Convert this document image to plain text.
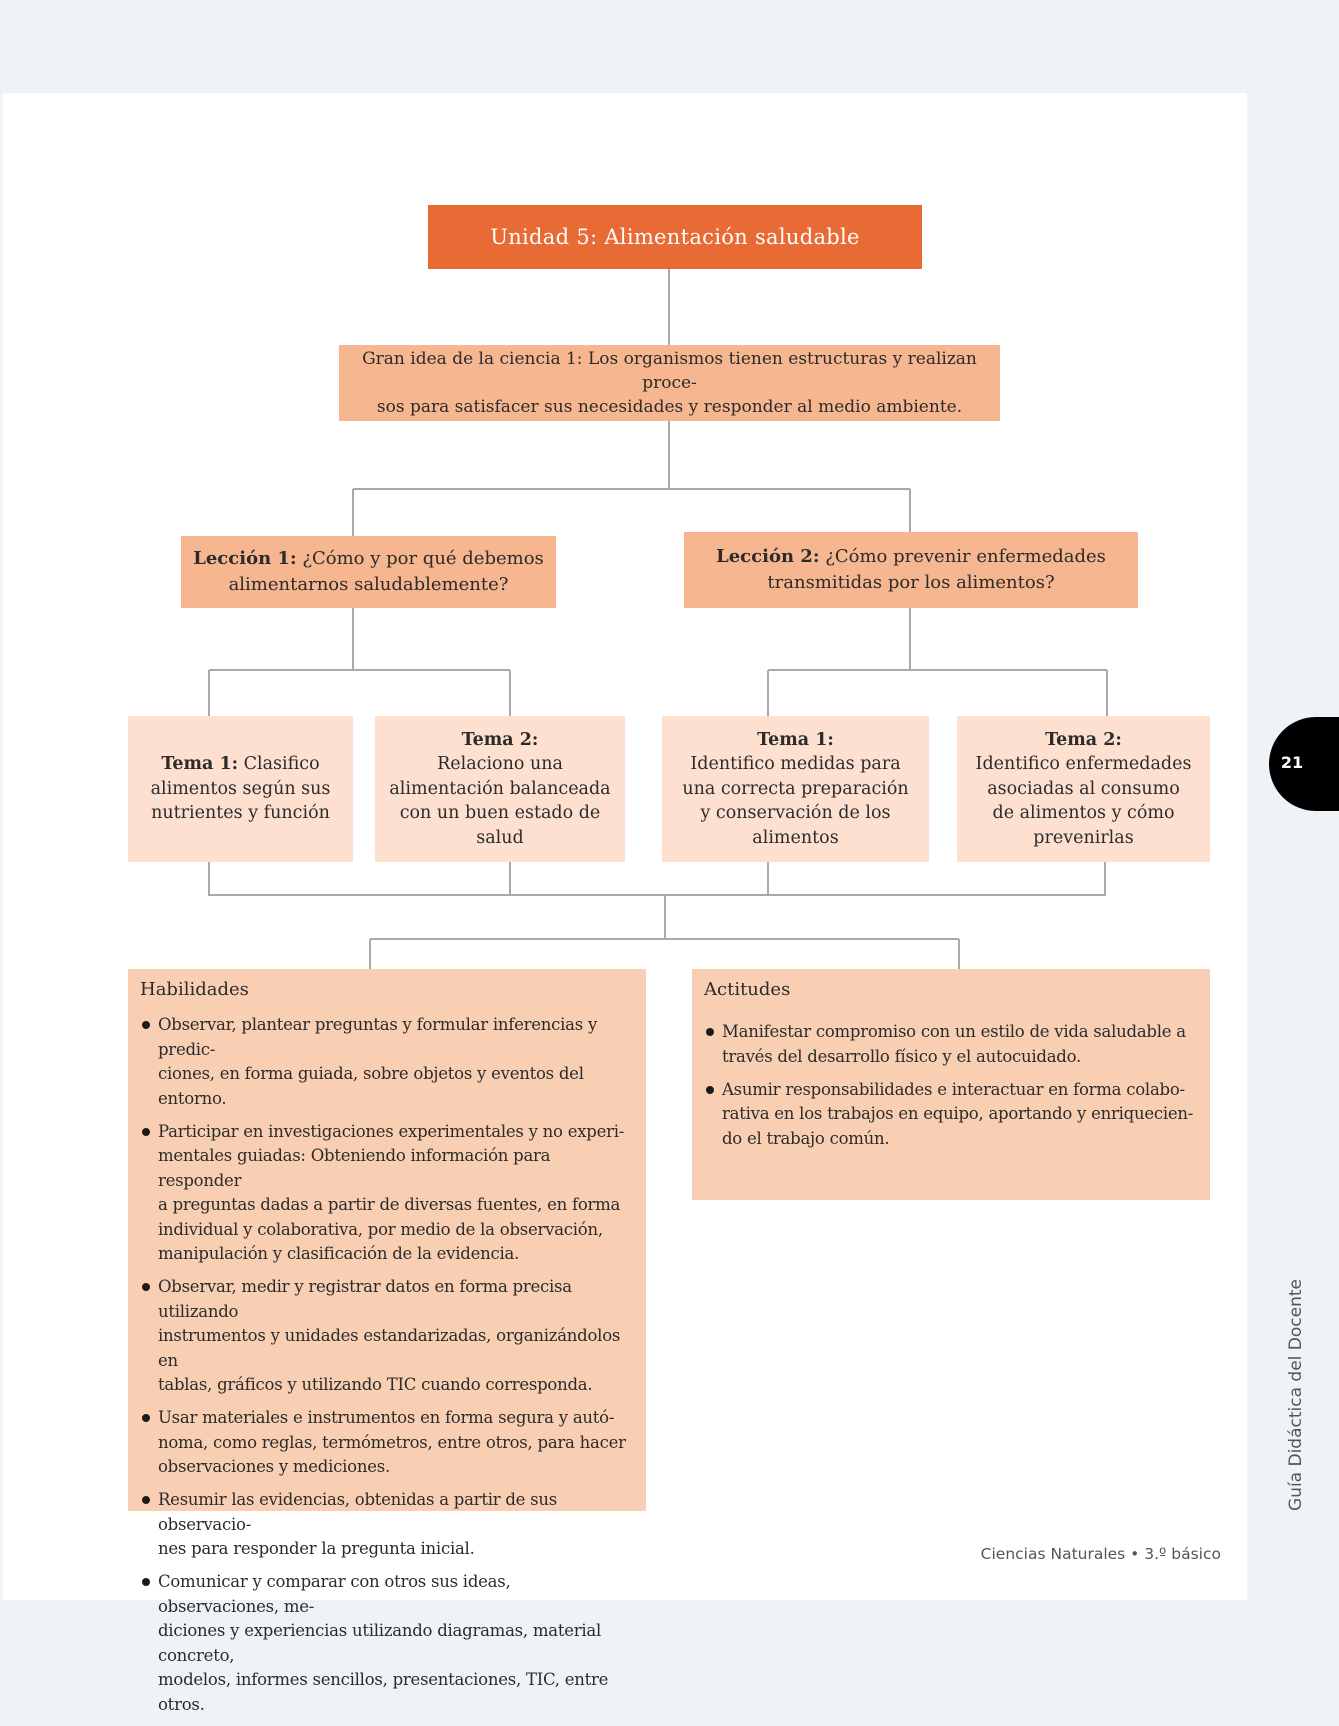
Unidad 5: Alimentación saludable
Gran idea de la ciencia 1: Los organismos tienen estructuras y realizan proce-
sos para satisfacer sus necesidades y responder al medio ambiente.
Lección 1: ¿Cómo y por qué debemos
alimentarnos saludablemente?
Lección 2: ¿Cómo prevenir enfermedades
transmitidas por los alimentos?
Tema 1: Clasifico
alimentos según sus
nutrientes y función
Tema 2:
Relaciono una
alimentación balanceada
con un buen estado de
salud
Tema 1:
Identifico medidas para
una correcta preparación
y conservación de los
alimentos
Tema 2:
Identifico enfermedades
asociadas al consumo
de alimentos y cómo
prevenirlas
Habilidades
Observar, plantear preguntas y formular inferencias y predic-
ciones, en forma guiada, sobre objetos y eventos del entorno.
Participar en investigaciones experimentales y no experi-
mentales guiadas: Obteniendo información para responder
a preguntas dadas a partir de diversas fuentes, en forma
individual y colaborativa, por medio de la observación,
manipulación y clasificación de la evidencia.
Observar, medir y registrar datos en forma precisa utilizando
instrumentos y unidades estandarizadas, organizándolos en
tablas, gráficos y utilizando TIC cuando corresponda.
Usar materiales e instrumentos en forma segura y autó-
noma, como reglas, termómetros, entre otros, para hacer
observaciones y mediciones.
Resumir las evidencias, obtenidas a partir de sus observacio-
nes para responder la pregunta inicial.
Comunicar y comparar con otros sus ideas, observaciones, me-
diciones y experiencias utilizando diagramas, material concreto,
modelos, informes sencillos, presentaciones, TIC, entre otros.
Actitudes
Manifestar compromiso con un estilo de vida saludable a
través del desarrollo físico y el autocuidado.
Asumir responsabilidades e interactuar en forma colabo-
rativa en los trabajos en equipo, aportando y enriquecien-
do el trabajo común.
21
Guía Didáctica del Docente
Ciencias Naturales • 3.º básico
